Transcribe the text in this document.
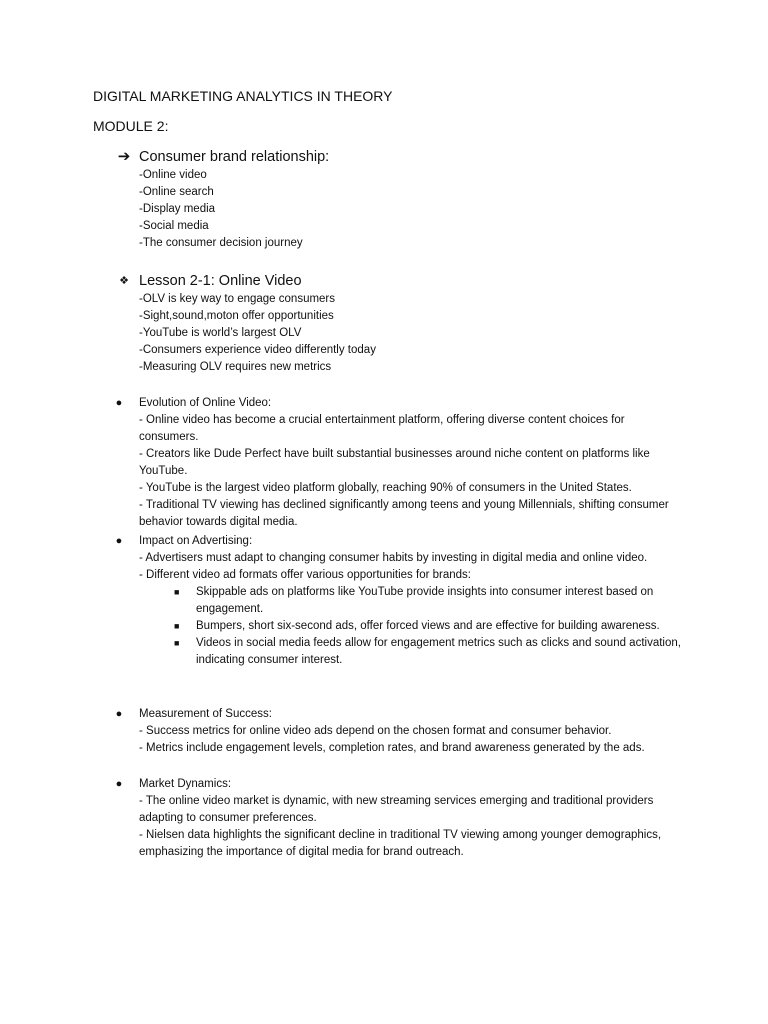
DIGITAL MARKETING ANALYTICS IN THEORY
MODULE 2:
➔ Consumer brand relationship:
-Online video
-Online search
-Display media
-Social media
-The consumer decision journey
❖ Lesson 2-1: Online Video
-OLV is key way to engage consumers
-Sight,sound,moton offer opportunities
-YouTube is world’s largest OLV
-Consumers experience video differently today
-Measuring OLV requires new metrics
● Evolution of Online Video:
- Online video has become a crucial entertainment platform, offering diverse content choices for consumers.
- Creators like Dude Perfect have built substantial businesses around niche content on platforms like YouTube.
- YouTube is the largest video platform globally, reaching 90% of consumers in the United States.
- Traditional TV viewing has declined significantly among teens and young Millennials, shifting consumer behavior towards digital media.
● Impact on Advertising:
- Advertisers must adapt to changing consumer habits by investing in digital media and online video.
- Different video ad formats offer various opportunities for brands:
■ Skippable ads on platforms like YouTube provide insights into consumer interest based on engagement.
■ Bumpers, short six-second ads, offer forced views and are effective for building awareness.
■ Videos in social media feeds allow for engagement metrics such as clicks and sound activation, indicating consumer interest.
● Measurement of Success:
- Success metrics for online video ads depend on the chosen format and consumer behavior.
- Metrics include engagement levels, completion rates, and brand awareness generated by the ads.
● Market Dynamics:
- The online video market is dynamic, with new streaming services emerging and traditional providers adapting to consumer preferences.
- Nielsen data highlights the significant decline in traditional TV viewing among younger demographics, emphasizing the importance of digital media for brand outreach.
